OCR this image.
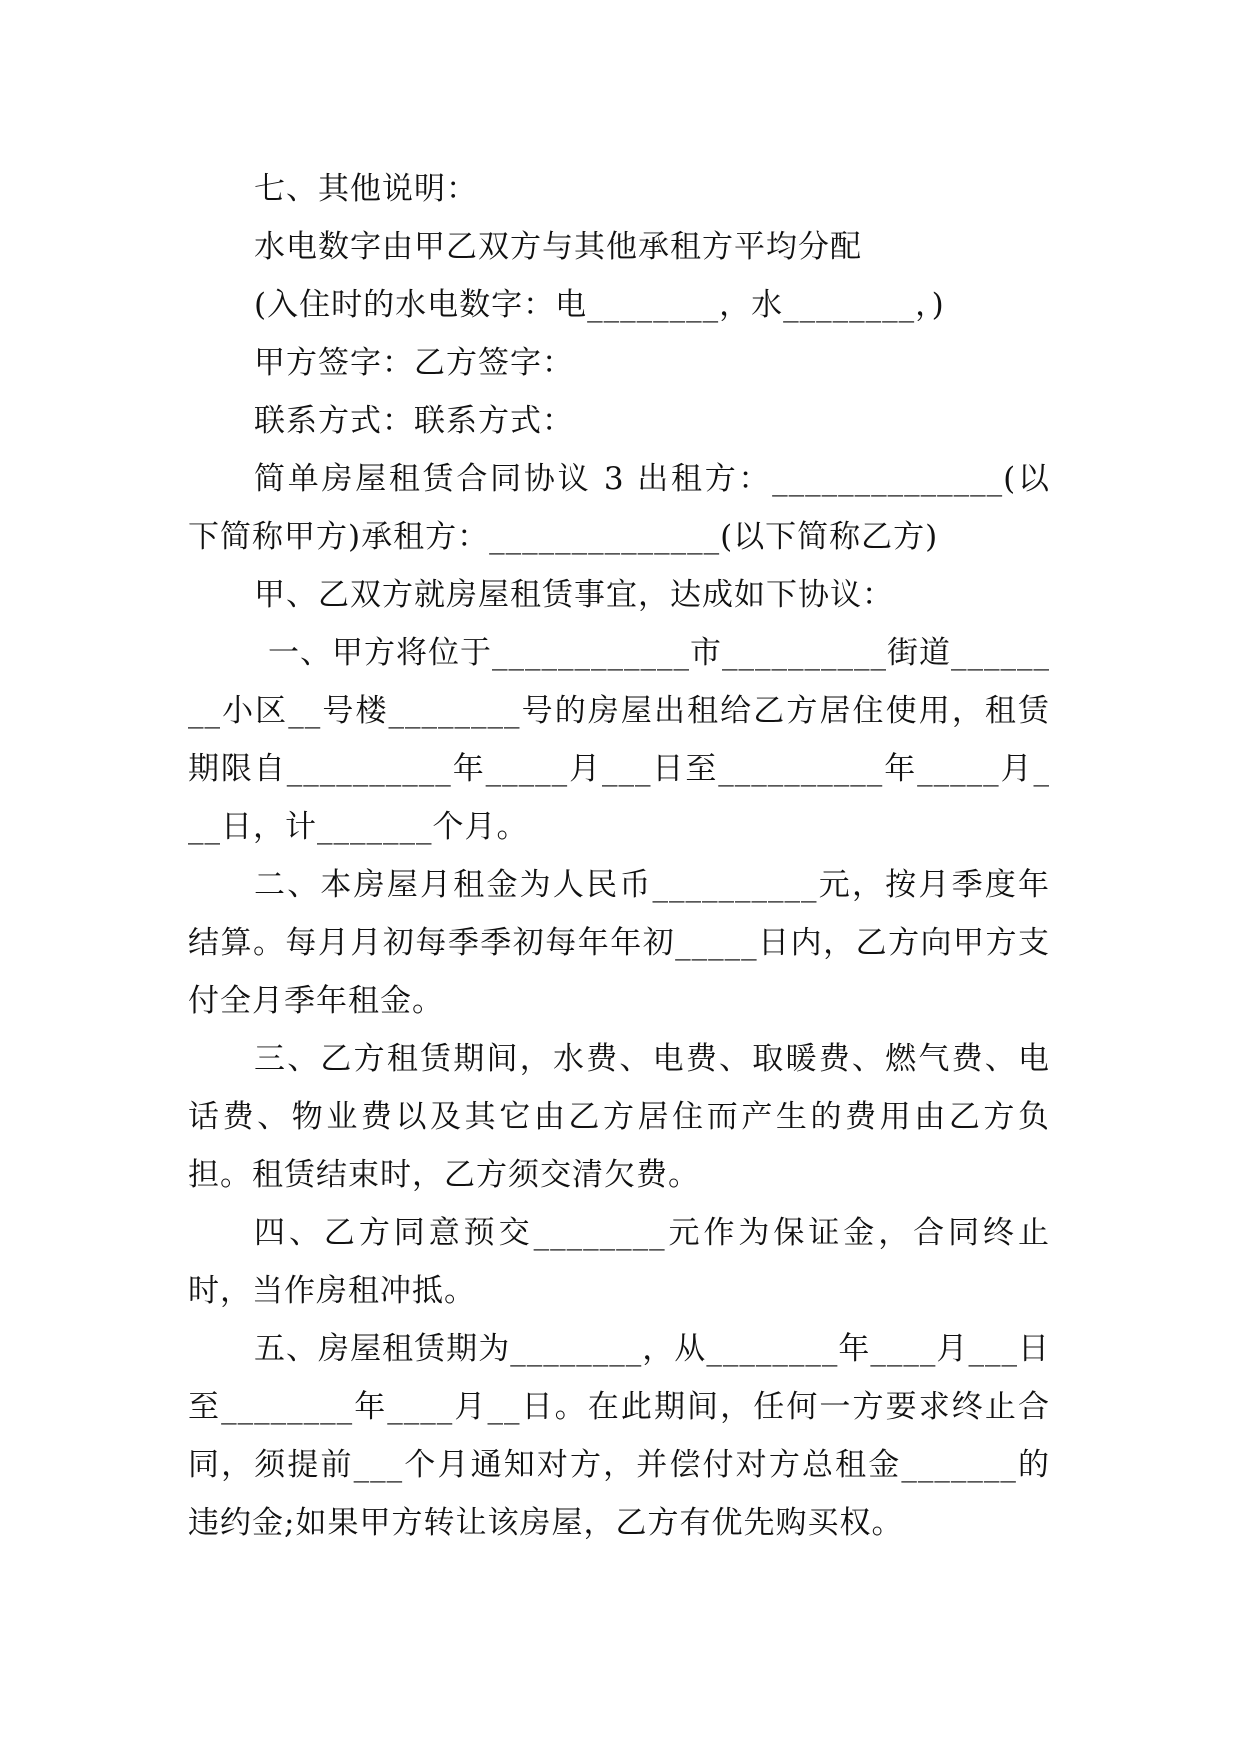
七、其他说明：

水电数字由甲乙双方与其他承租方平均分配

(入住时的水电数字：电________，水________，)

甲方签字：乙方签字：

联系方式：联系方式：

简单房屋租赁合同协议 3 出租方：______________(以下简称甲方)承租方：______________(以下简称乙方)

甲、乙双方就房屋租赁事宜，达成如下协议：

一、甲方将位于____________市__________街道________小区__号楼________号的房屋出租给乙方居住使用，租赁期限自__________年_____月___日至__________年_____月___日，计_______个月。

二、本房屋月租金为人民币__________元，按月季度年结算。每月月初每季季初每年年初_____日内，乙方向甲方支付全月季年租金。

三、乙方租赁期间，水费、电费、取暖费、燃气费、电话费、物业费以及其它由乙方居住而产生的费用由乙方负担。租赁结束时，乙方须交清欠费。

四、乙方同意预交________元作为保证金，合同终止时，当作房租冲抵。

五、房屋租赁期为________，从________年____月___日至________年____月__日。在此期间，任何一方要求终止合同，须提前___个月通知对方，并偿付对方总租金_______的违约金;如果甲方转让该房屋，乙方有优先购买权。
